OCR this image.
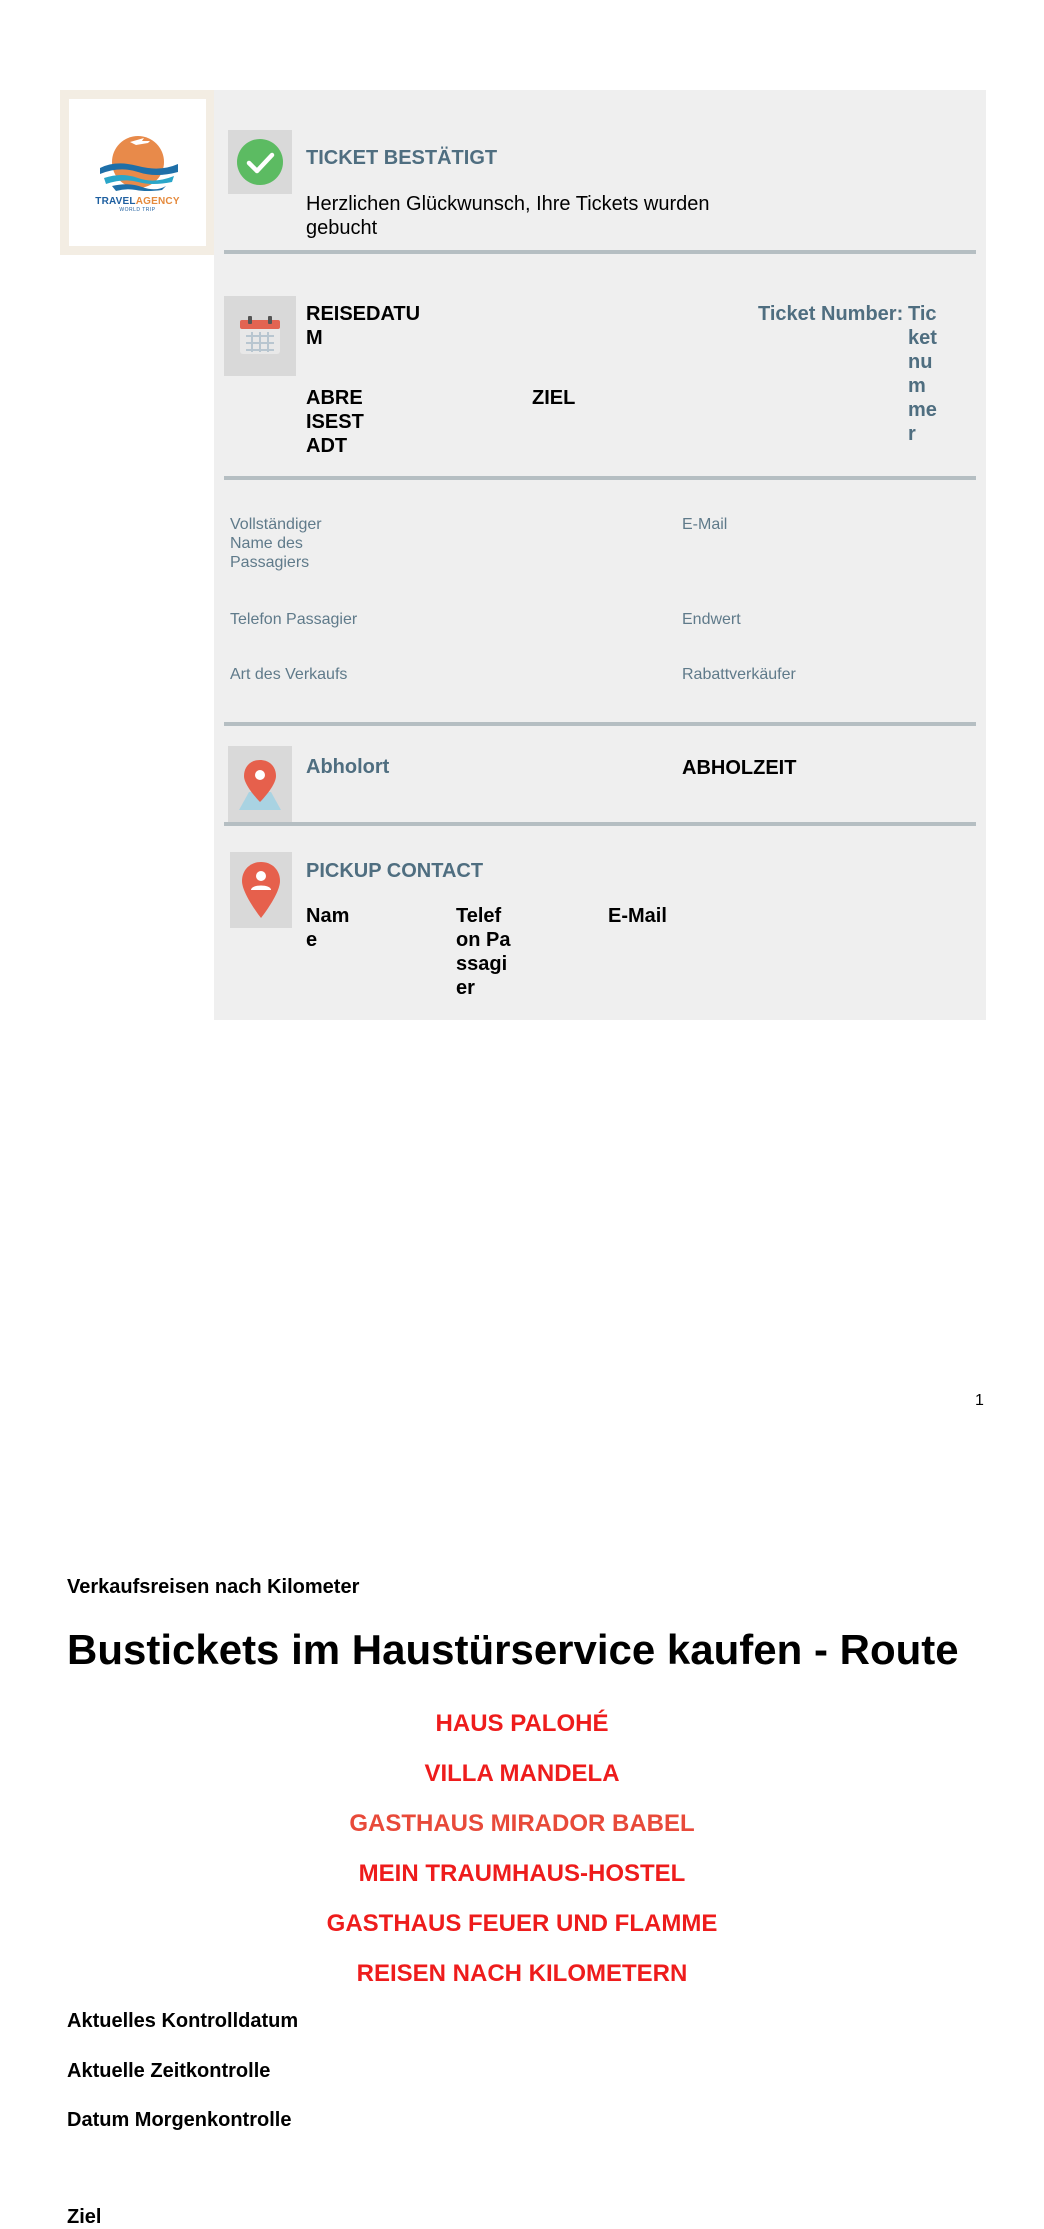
TRAVELAGENCY
WORLD TRIP
TICKET BESTÄTIGT
Herzlichen Glückwunsch, Ihre Tickets wurden gebucht
REISEDATUM
Ticket Number: Ticketnummer
ABREISESTADT
ZIEL
Vollständiger Name des Passagiers
E-Mail
Telefon Passagier	Endwert
Art des Verkaufs	Rabattverkäufer
Abholort	ABHOLZEIT
PICKUP CONTACT
Name
Telefon Passagier
E-Mail
1
Verkaufsreisen nach Kilometer
Bustickets im Haustürservice kaufen - Route
HAUS PALOHÉ
VILLA MANDELA
GASTHAUS MIRADOR BABEL
MEIN TRAUMHAUS-HOSTEL
GASTHAUS FEUER UND FLAMME
REISEN NACH KILOMETERN
Aktuelles Kontrolldatum
Aktuelle Zeitkontrolle
Datum Morgenkontrolle
Ziel
